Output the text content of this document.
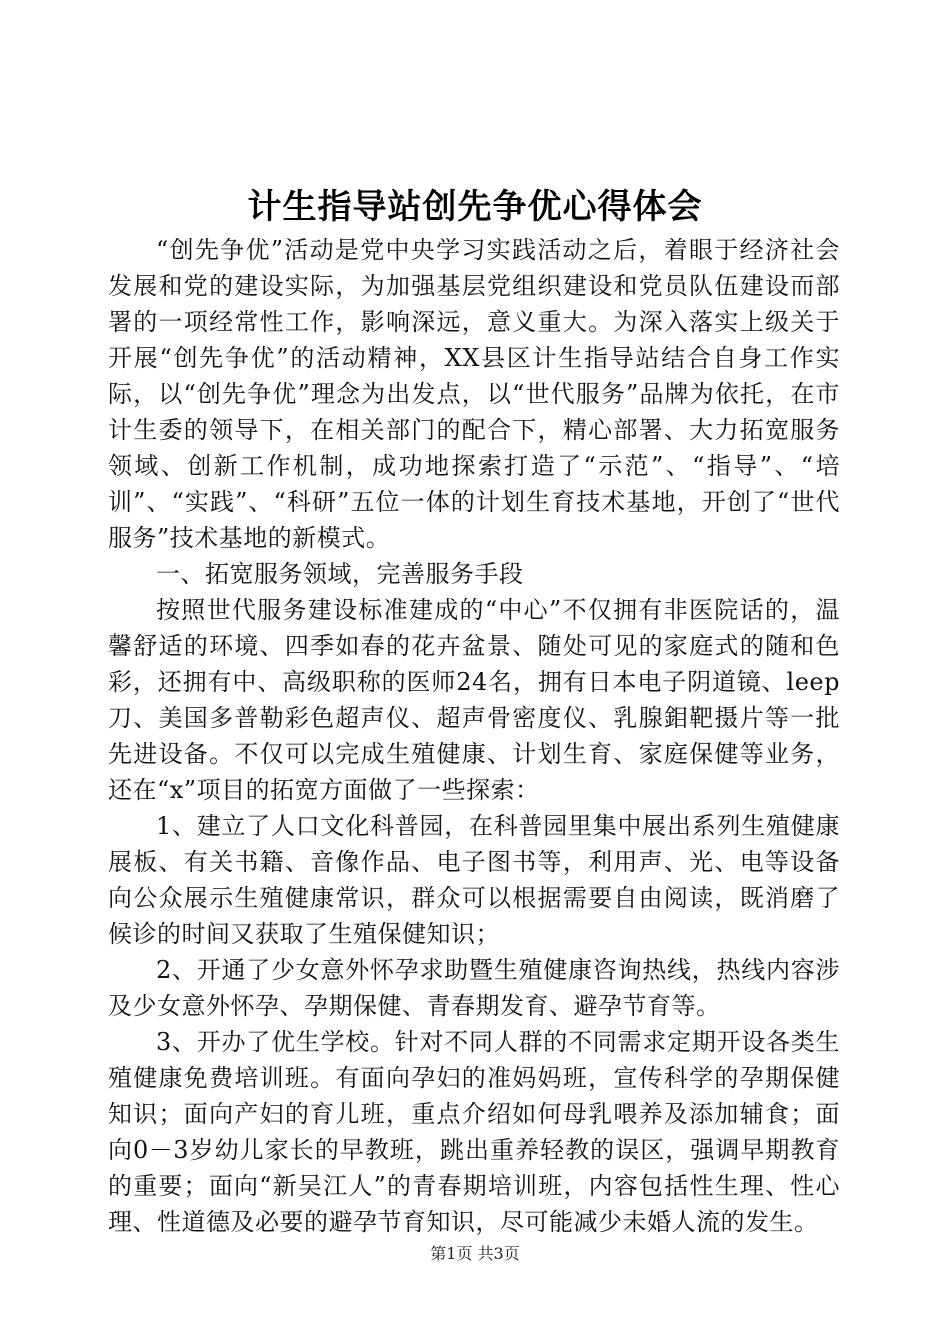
计生指导站创先争优心得体会

“创先争优”活动是党中央学习实践活动之后，着眼于经济社会发展和党的建设实际，为加强基层党组织建设和党员队伍建设而部署的一项经常性工作，影响深远，意义重大。为深入落实上级关于开展“创先争优”的活动精神，XX县区计生指导站结合自身工作实际，以“创先争优”理念为出发点，以“世代服务”品牌为依托，在市计生委的领导下，在相关部门的配合下，精心部署、大力拓宽服务领域、创新工作机制，成功地探索打造了“示范”、“指导”、“培训”、“实践”、“科研”五位一体的计划生育技术基地，开创了“世代服务”技术基地的新模式。

一、拓宽服务领域，完善服务手段

按照世代服务建设标准建成的“中心”不仅拥有非医院话的，温馨舒适的环境、四季如春的花卉盆景、随处可见的家庭式的随和色彩，还拥有中、高级职称的医师24名，拥有日本电子阴道镜、leep刀、美国多普勒彩色超声仪、超声骨密度仪、乳腺鉬靶摄片等一批先进设备。不仅可以完成生殖健康、计划生育、家庭保健等业务，还在“x”项目的拓宽方面做了一些探索：

1、建立了人口文化科普园，在科普园里集中展出系列生殖健康展板、有关书籍、音像作品、电子图书等，利用声、光、电等设备向公众展示生殖健康常识，群众可以根据需要自由阅读，既消磨了候诊的时间又获取了生殖保健知识；

2、开通了少女意外怀孕求助暨生殖健康咨询热线，热线内容涉及少女意外怀孕、孕期保健、青春期发育、避孕节育等。

3、开办了优生学校。针对不同人群的不同需求定期开设各类生殖健康免费培训班。有面向孕妇的准妈妈班，宣传科学的孕期保健知识；面向产妇的育儿班，重点介绍如何母乳喂养及添加辅食；面向0－3岁幼儿家长的早教班，跳出重养轻教的误区，强调早期教育的重要；面向“新吴江人”的青春期培训班，内容包括性生理、性心理、性道德及必要的避孕节育知识，尽可能减少未婚人流的发生。

第1页 共3页
